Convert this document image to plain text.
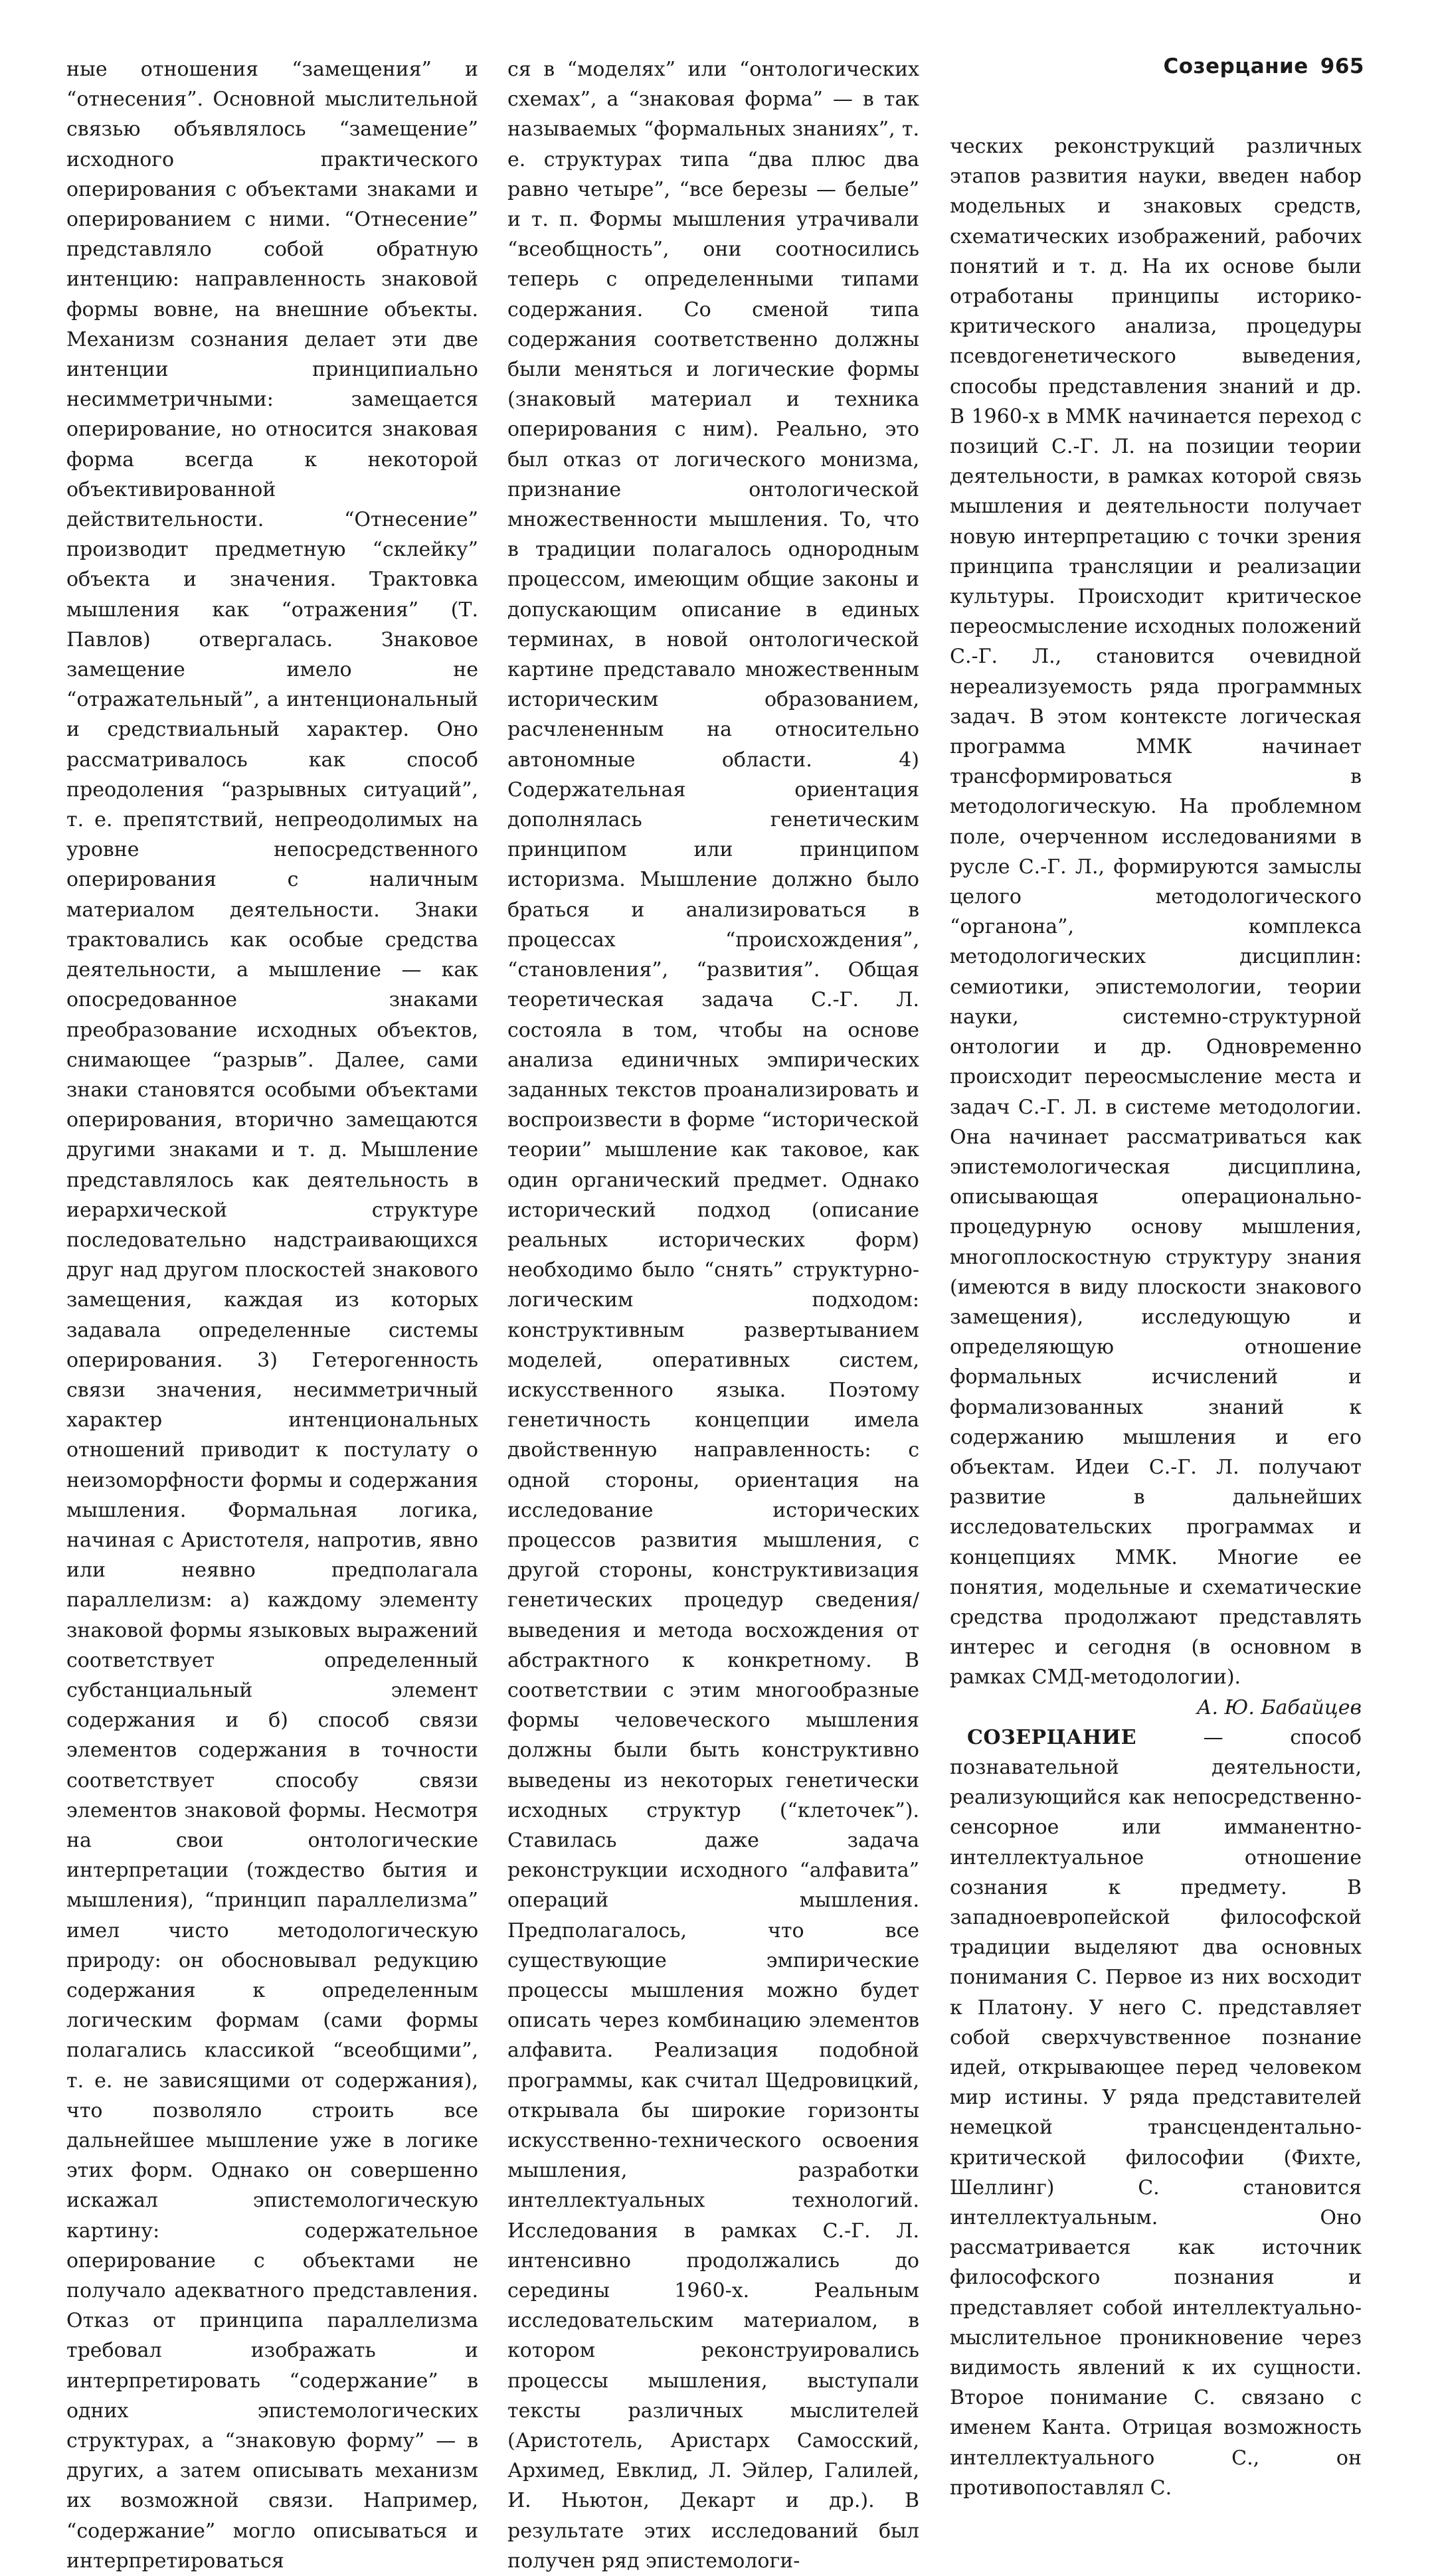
Созерцание 965

ные отношения “замещения” и “отнесения”. Основной мыслительной связью объявлялось “замещение” исходного практического оперирования с объектами знаками и оперированием с ними. “Отнесение” представляло собой обратную интенцию: направленность знаковой формы вовне, на внешние объекты. Механизм сознания делает эти две интенции принципиально несимметричными: замещается оперирование, но относится знаковая форма всегда к некоторой объективированной действительности. “Отнесение” производит предметную “склейку” объекта и значения. Трактовка мышления как “отражения” (Т. Павлов) отвергалась. Знаковое замещение имело не “отражательный”, а интенциональный и средствиальный характер. Оно рассматривалось как способ преодоления “разрывных ситуаций”, т. е. препятствий, непреодолимых на уровне непосредственного оперирования с наличным материалом деятельности. Знаки трактовались как особые средства деятельности, а мышление — как опосредованное знаками преобразование исходных объектов, снимающее “разрыв”. Далее, сами знаки становятся особыми объектами оперирования, вторично замещаются другими знаками и т. д. Мышление представлялось как деятельность в иерархической структуре последовательно надстраивающихся друг над другом плоскостей знакового замещения, каждая из которых задавала определенные системы оперирования. 3) Гетерогенность связи значения, несимметричный характер интенциональных отношений приводит к постулату о неизоморфности формы и содержания мышления. Формальная логика, начиная с Аристотеля, напротив, явно или неявно предполагала параллелизм: а) каждому элементу знаковой формы языковых выражений соответствует определенный субстанциальный элемент содержания и б) способ связи элементов содержания в точности соответствует способу связи элементов знаковой формы. Несмотря на свои онтологические интерпретации (тождество бытия и мышления), “принцип параллелизма” имел чисто методологическую природу: он обосновывал редукцию содержания к определенным логическим формам (сами формы полагались классикой “всеобщими”, т. е. не зависящими от содержания), что позволяло строить все дальнейшее мышление уже в логике этих форм. Однако он совершенно искажал эпистемологическую картину: содержательное оперирование с объектами не получало адекватного представления. Отказ от принципа параллелизма требовал изображать и интерпретировать “содержание” в одних эпистемологических структурах, а “знаковую форму” — в других, а затем описывать механизм их возможной связи. Например, “содержание” могло описываться и интерпретироваться

ся в “моделях” или “онтологических схемах”, а “знаковая форма” — в так называемых “формальных знаниях”, т. е. структурах типа “два плюс два равно четыре”, “все березы — белые” и т. п. Формы мышления утрачивали “всеобщность”, они соотносились теперь с определенными типами содержания. Со сменой типа содержания соответственно должны были меняться и логические формы (знаковый материал и техника оперирования с ним). Реально, это был отказ от логического монизма, признание онтологической множественности мышления. То, что в традиции полагалось однородным процессом, имеющим общие законы и допускающим описание в единых терминах, в новой онтологической картине представало множественным историческим образованием, расчлененным на относительно автономные области. 4) Содержательная ориентация дополнялась генетическим принципом или принципом историзма. Мышление должно было браться и анализироваться в процессах “происхождения”, “становления”, “развития”. Общая теоретическая задача С.-Г. Л. состояла в том, чтобы на основе анализа единичных эмпирических заданных текстов проанализировать и воспроизвести в форме “исторической теории” мышление как таковое, как один органический предмет. Однако исторический подход (описание реальных исторических форм) необходимо было “снять” структурно-логическим подходом: конструктивным развертыванием моделей, оперативных систем, искусственного языка. Поэтому генетичность концепции имела двойственную направленность: с одной стороны, ориентация на исследование исторических процессов развития мышления, с другой стороны, конструктивизация генетических процедур сведения/выведения и метода восхождения от абстрактного к конкретному. В соответствии с этим многообразные формы человеческого мышления должны были быть конструктивно выведены из некоторых генетически исходных структур (“клеточек”). Ставилась даже задача реконструкции исходного “алфавита” операций мышления. Предполагалось, что все существующие эмпирические процессы мышления можно будет описать через комбинацию элементов алфавита. Реализация подобной программы, как считал Щедровицкий, открывала бы широкие горизонты искусственно-технического освоения мышления, разработки интеллектуальных технологий. Исследования в рамках С.-Г. Л. интенсивно продолжались до середины 1960-х. Реальным исследовательским материалом, в котором реконструировались процессы мышления, выступали тексты различных мыслителей (Аристотель, Аристарх Самосский, Архимед, Евклид, Л. Эйлер, Галилей, И. Ньютон, Декарт и др.). В результате этих исследований был получен ряд эпистемологи-

ческих реконструкций различных этапов развития науки, введен набор модельных и знаковых средств, схематических изображений, рабочих понятий и т. д. На их основе были отработаны принципы историко-критического анализа, процедуры псевдогенетического выведения, способы представления знаний и др. В 1960-х в ММК начинается переход с позиций С.-Г. Л. на позиции теории деятельности, в рамках которой связь мышления и деятельности получает новую интерпретацию с точки зрения принципа трансляции и реализации культуры. Происходит критическое переосмысление исходных положений С.-Г. Л., становится очевидной нереализуемость ряда программных задач. В этом контексте логическая программа ММК начинает трансформироваться в методологическую. На проблемном поле, очерченном исследованиями в русле С.-Г. Л., формируются замыслы целого методологического “органона”, комплекса методологических дисциплин: семиотики, эпистемологии, теории науки, системно-структурной онтологии и др. Одновременно происходит переосмысление места и задач С.-Г. Л. в системе методологии. Она начинает рассматриваться как эпистемологическая дисциплина, описывающая операционально-процедурную основу мышления, многоплоскостную структуру знания (имеются в виду плоскости знакового замещения), исследующую и определяющую отношение формальных исчислений и формализованных знаний к содержанию мышления и его объектам. Идеи С.-Г. Л. получают развитие в дальнейших исследовательских программах и концепциях ММК. Многие ее понятия, модельные и схематические средства продолжают представлять интерес и сегодня (в основном в рамках СМД-методологии).

А. Ю. Бабайцев

СОЗЕРЦАНИЕ — способ познавательной деятельности, реализующийся как непосредственно-сенсорное или имманентно-интеллектуальное отношение сознания к предмету. В западноевропейской философской традиции выделяют два основных понимания С. Первое из них восходит к Платону. У него С. представляет собой сверхчувственное познание идей, открывающее перед человеком мир истины. У ряда представителей немецкой трансцендентально-критической философии (Фихте, Шеллинг) С. становится интеллектуальным. Оно рассматривается как источник философского познания и представляет собой интеллектуально-мыслительное проникновение через видимость явлений к их сущности. Второе понимание С. связано с именем Канта. Отрицая возможность интеллектуального С., он противопоставлял С.
